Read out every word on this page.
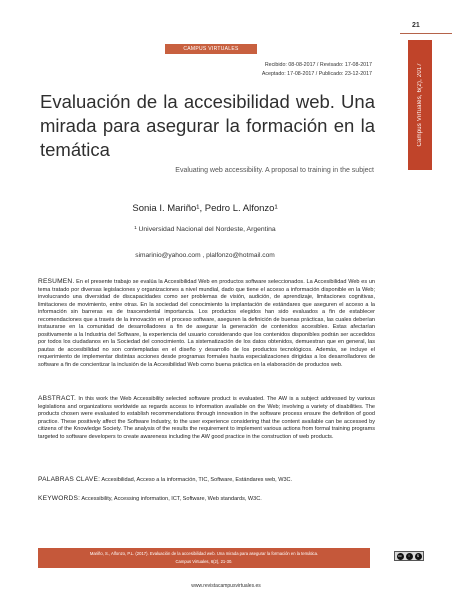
21
Campus Virtuales, 6(2), 2017
CAMPUS VIRTUALES
Recibido: 08-08-2017 / Revisado: 17-08-2017
Aceptado: 17-08-2017 / Publicado: 23-12-2017
Evaluación de la accesibilidad web. Una mirada para asegurar la formación en la temática
Evaluating web accessibility. A proposal to training in the subject
Sonia I. Mariño¹, Pedro L. Alfonzo¹
¹ Universidad Nacional del Nordeste, Argentina
simarinio@yahoo.com , plalfonzo@hotmail.com

RESUMEN. En el presente trabajo se evalúa la Accesibilidad Web en productos software seleccionados. La Accesibilidad Web es un tema tratado por diversas legislaciones y organizaciones a nivel mundial, dado que tiene el acceso a información disponible en la Web; involucrando una diversidad de discapacidades como ser problemas de visión, audición, de aprendizaje, limitaciones cognitivas, limitaciones de movimiento, entre otras. En la sociedad del conocimiento la implantación de estándares que aseguren el acceso a la información sin barreras es de trascendental importancia. Los productos elegidos han sido evaluados a fin de establecer recomendaciones que a través de la innovación en el proceso software, aseguren la definición de buenas prácticas, las cuales deberían instaurarse en la comunidad de desarrolladores a fin de asegurar la generación de contenidos accesibles. Estas afectarían positivamente a la Industria del Software, la experiencia del usuario considerando que los contenidos disponibles podrán ser accedidos por todos los ciudadanos en la Sociedad del conocimiento. La sistematización de los datos obtenidos, demuestran que en general, las pautas de accesibilidad no son contempladas en el diseño y desarrollo de los productos tecnológicos. Además, se incluye el requerimiento de implementar distintas acciones desde programas formales hasta especializaciones dirigidas a los desarrolladores de software a fin de concientizar la inclusión de la Accesibilidad Web como buena práctica en la elaboración de productos web.

ABSTRACT. In this work the Web Accessibility selected software product is evaluated. The AW is a subject addressed by various legislations and organizations worldwide as regards access to information available on the Web; involving a variety of disabilities. The products chosen were evaluated to establish recommendations through innovation in the software process ensure the definition of good practice. These positively affect the Software Industry, to the user experience considering that the content available can be accessed by citizens of the Knowledge Society. The analysis of the results the requirement to implement various actions from formal training programs targeted to software developers to create awareness including the AW good practice in the construction of web products.

PALABRAS CLAVE: Accesibilidad, Acceso a la información, TIC, Software, Estándares web, W3C.

KEYWORDS: Accessibility, Accessing information, ICT, Software, Web standards, W3C.

Mariño, S., Alfonzo, P.L. (2017). Evaluación de la accesibilidad web. Una mirada para asegurar la formación en la temática.
Campus Virtuales, 6(2), 21-30.
cc	i	$
www.revistacampusvirtuales.es
